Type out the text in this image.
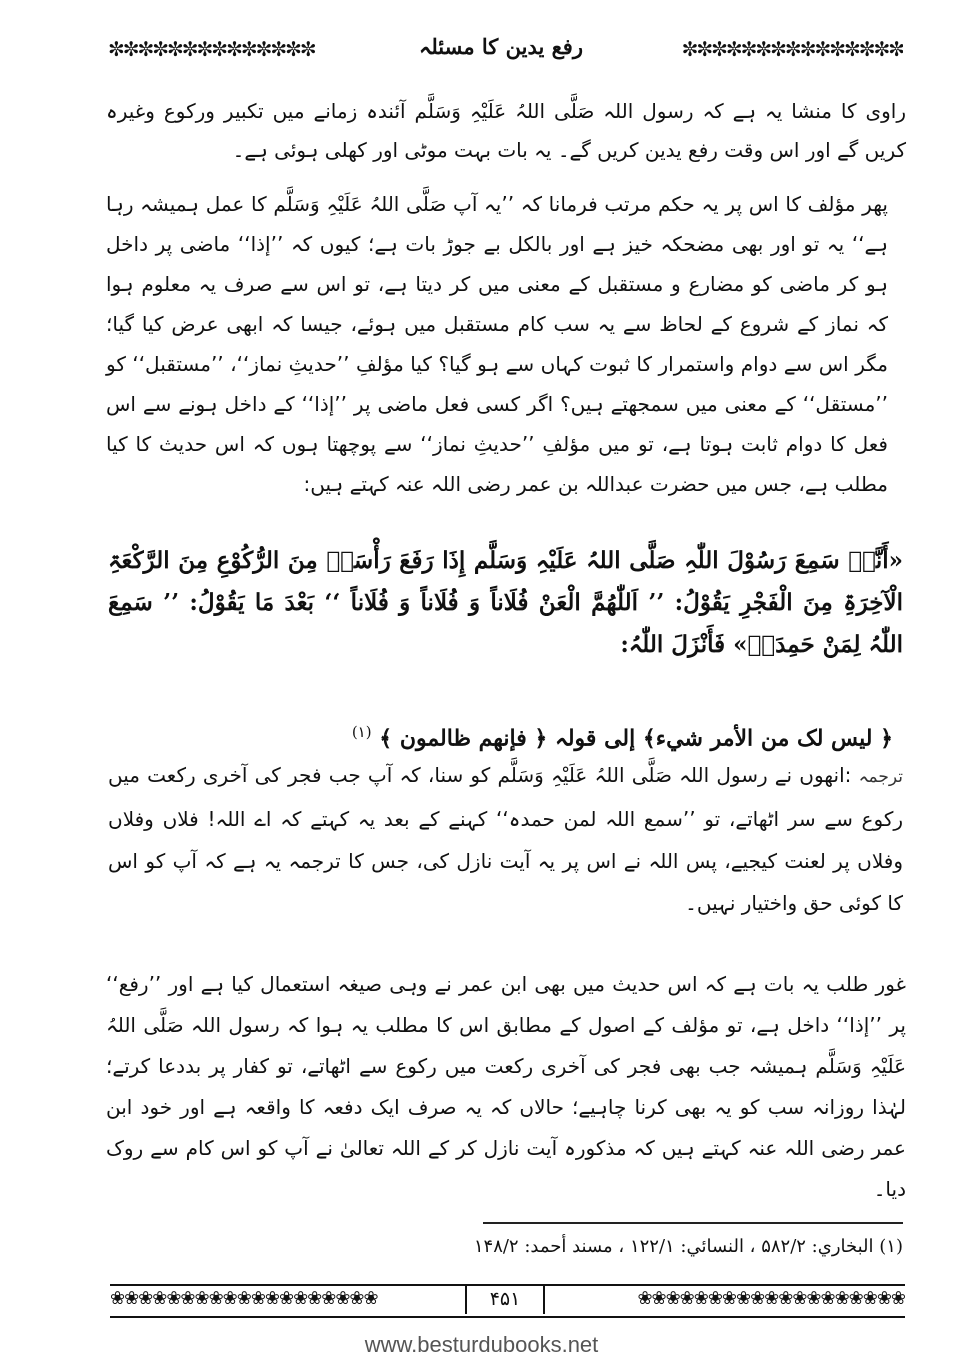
✼✼✼✼✼✼✼✼✼✼✼✼✼✼	رفع یدین کا مسئلہ	✼✼✼✼✼✼✼✼✼✼✼✼✼✼✼

راوی کا منشا یہ ہے کہ رسول اللہ صَلَّی اللہُ عَلَیْہِ وَسَلَّم آئندہ زمانے میں تکبیر ورکوع وغیرہ کریں گے اور اس وقت رفع یدین کریں گے۔ یہ بات بہت موٹی اور کھلی ہوئی ہے۔

پھر مؤلف کا اس پر یہ حکم مرتب فرمانا کہ ’’یہ آپ صَلَّی اللہُ عَلَیْہِ وَسَلَّم کا عمل ہمیشہ رہا ہے‘‘ یہ تو اور بھی مضحکہ خیز ہے اور بالکل بے جوڑ بات ہے؛ کیوں کہ ’’إذا‘‘ ماضی پر داخل ہو کر ماضی کو مضارع و مستقبل کے معنی میں کر دیتا ہے، تو اس سے صرف یہ معلوم ہوا کہ نماز کے شروع کے لحاظ سے یہ سب کام مستقبل میں ہوئے، جیسا کہ ابھی عرض کیا گیا؛ مگر اس سے دوام واستمرار کا ثبوت کہاں سے ہو گیا؟ کیا مؤلفِ ’’حدیثِ نماز‘‘، ’’مستقبل‘‘ کو ’’مستقل‘‘ کے معنی میں سمجھتے ہیں؟ اگر کسی فعل ماضی پر ’’إذا‘‘ کے داخل ہونے سے اس فعل کا دوام ثابت ہوتا ہے، تو میں مؤلفِ ’’حدیثِ نماز‘‘ سے پوچھتا ہوں کہ اس حدیث کا کیا مطلب ہے، جس میں حضرت عبداللہ بن عمر رضی اللہ عنہ کہتے ہیں:

«أَنَّہٗ سَمِعَ رَسُوْلَ اللّٰہِ صَلَّی اللہُ عَلَیْہِ وَسَلَّم إِذَا رَفَعَ رَأْسَہٗ مِنَ الرُّکُوْعِ مِنَ الرَّکْعَۃِ الْآخِرَۃِ مِنَ الْفَجْرِ یَقُوْلُ: ’’ اَللّٰھُمَّ الْعَنْ فُلَاناً وَ فُلَاناً وَ فُلَاناً ‘‘ بَعْدَ مَا یَقُوْلُ: ’’ سَمِعَ اللّٰہُ لِمَنْ حَمِدَہٗ» فَأَنْزَلَ اللّٰہُ:
﴿ لیس لک من الأمر شيء﴾ إلی قولہ ﴿ فإنھم ظالمون ﴾ $^{(۱)}$
ترجمہ :انھوں نے رسول اللہ صَلَّی اللہُ عَلَیْہِ وَسَلَّم کو سنا، کہ آپ جب فجر کی آخری رکعت میں رکوع سے سر اٹھاتے، تو ’’سمع اللہ لمن حمدہ‘‘ کہنے کے بعد یہ کہتے کہ اے اللہ! فلاں وفلاں وفلاں پر لعنت کیجیے، پس اللہ نے اس پر یہ آیت نازل کی، جس کا ترجمہ یہ ہے کہ آپ کو اس کا کوئی حق واختیار نہیں۔

غور طلب یہ بات ہے کہ اس حدیث میں بھی ابن عمر نے وہی صیغہ استعمال کیا ہے اور ’’رفع‘‘ پر ’’إذا‘‘ داخل ہے، تو مؤلف کے اصول کے مطابق اس کا مطلب یہ ہوا کہ رسول اللہ صَلَّی اللہُ عَلَیْہِ وَسَلَّم ہمیشہ جب بھی فجر کی آخری رکعت میں رکوع سے اٹھاتے، تو کفار پر بددعا کرتے؛ لہٰذا روزانہ سب کو یہ بھی کرنا چاہیے؛ حالاں کہ یہ صرف ایک دفعہ کا واقعہ ہے اور خود ابن عمر رضی اللہ عنہ کہتے ہیں کہ مذکورہ آیت نازل کر کے اللہ تعالیٰ نے آپ کو اس کام سے روک دیا۔

(۱) البخاري: ۵۸۲/۲ ، النسائي: ۱۲۲/۱ ، مسند أحمد: ۱۴۸/۲
❀❀❀❀❀❀❀❀❀❀❀❀❀❀❀❀❀❀❀	۴۵۱	❀❀❀❀❀❀❀❀❀❀❀❀❀❀❀❀❀❀❀
www.besturdubooks.net
